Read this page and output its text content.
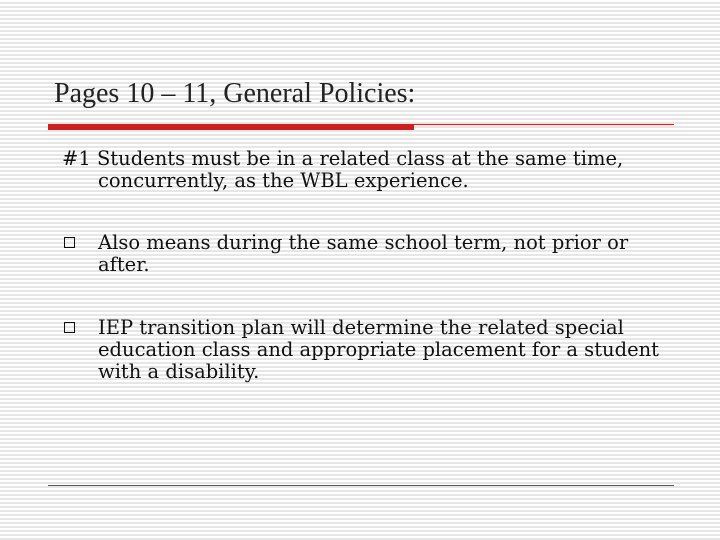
Pages 10 – 11, General Policies:
#1 Students must be in a related class at the same time, concurrently, as the WBL experience.
Also means during the same school term, not prior or after.
IEP transition plan will determine the related special education class and appropriate placement for a student with a disability.
